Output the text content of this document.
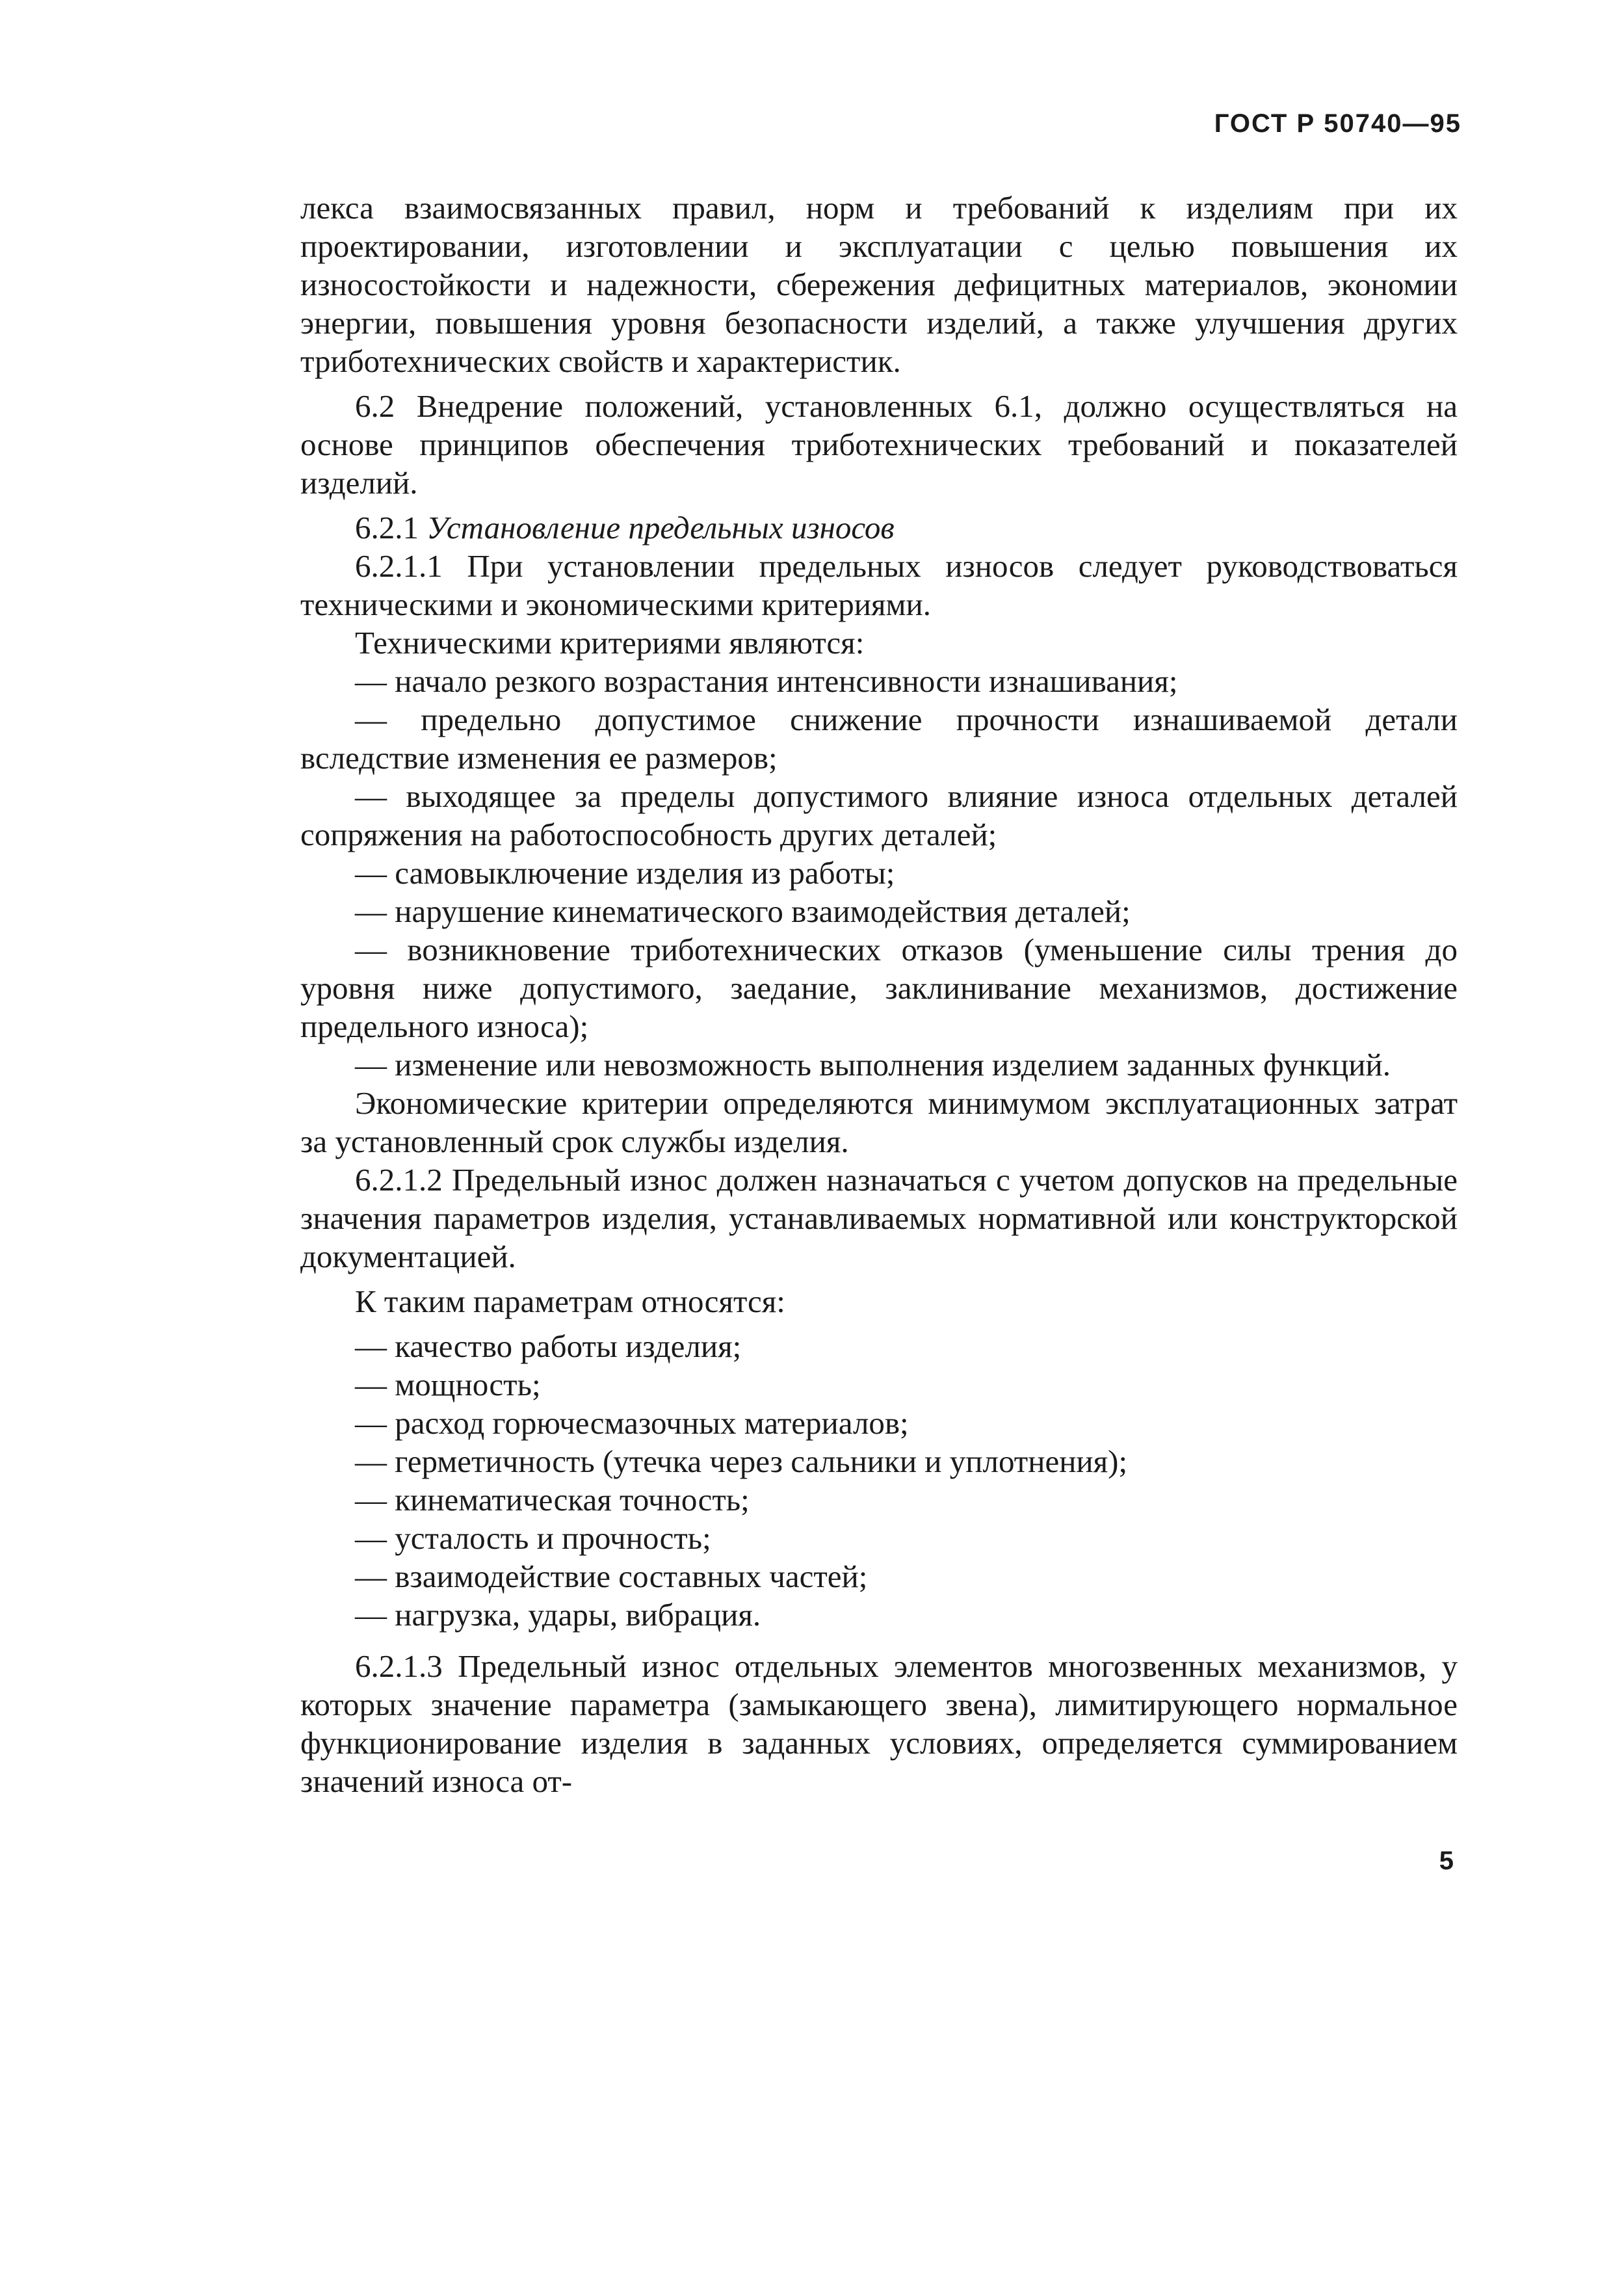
ГОСТ Р 50740—95

лекса взаимосвязанных правил, норм и требований к изделиям при их проектировании, изготовлении и эксплуатации с целью повышения их износостойкости и надежности, сбережения дефицитных материалов, экономии энергии, повышения уровня безопасности изделий, а также улучшения других триботехнических свойств и характеристик.

6.2 Внедрение положений, установленных 6.1, должно осуществляться на основе принципов обеспечения триботехнических требований и показателей изделий.

6.2.1 Установление предельных износов

6.2.1.1 При установлении предельных износов следует руководствоваться техническими и экономическими критериями.

Техническими критериями являются:

— начало резкого возрастания интенсивности изнашивания;

— предельно допустимое снижение прочности изнашиваемой детали вследствие изменения ее размеров;

— выходящее за пределы допустимого влияние износа отдельных деталей сопряжения на работоспособность других деталей;

— самовыключение изделия из работы;

— нарушение кинематического взаимодействия деталей;

— возникновение триботехнических отказов (уменьшение силы трения до уровня ниже допустимого, заедание, заклинивание механизмов, достижение предельного износа);

— изменение или невозможность выполнения изделием заданных функций.

Экономические критерии определяются минимумом эксплуатационных затрат за установленный срок службы изделия.

6.2.1.2 Предельный износ должен назначаться с учетом допусков на предельные значения параметров изделия, устанавливаемых нормативной или конструкторской документацией.

К таким параметрам относятся:

— качество работы изделия;

— мощность;

— расход горючесмазочных материалов;

— герметичность (утечка через сальники и уплотнения);

— кинематическая точность;

— усталость и прочность;

— взаимодействие составных частей;

— нагрузка, удары, вибрация.

6.2.1.3 Предельный износ отдельных элементов многозвенных механизмов, у которых значение параметра (замыкающего звена), лимитирующего нормальное функционирование изделия в заданных условиях, определяется суммированием значений износа от-

5
